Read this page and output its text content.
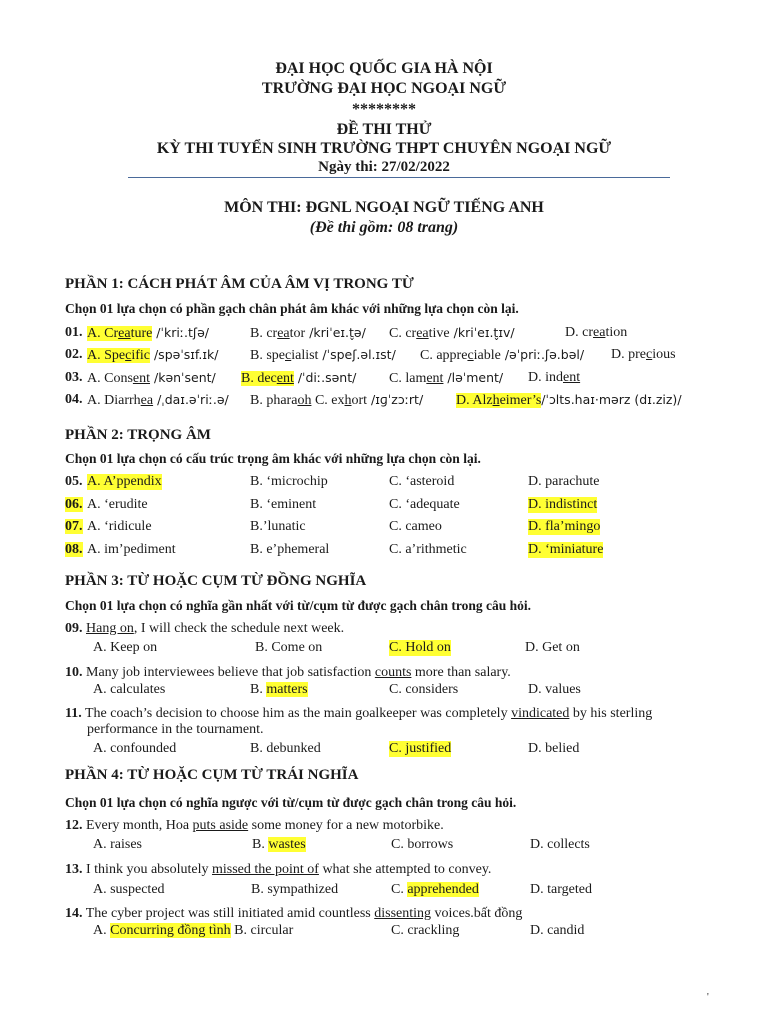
ĐẠI HỌC QUỐC GIA HÀ NỘI
TRƯỜNG ĐẠI HỌC NGOẠI NGỮ
********
ĐỀ THI THỬ
KỲ THI TUYỂN SINH TRƯỜNG THPT CHUYÊN NGOẠI NGỮ
Ngày thi: 27/02/2022
MÔN THI: ĐGNL NGOẠI NGỮ TIẾNG ANH
(Đề thi gồm: 08 trang)
PHẦN 1: CÁCH PHÁT ÂM CỦA ÂM VỊ TRONG TỪ
Chọn 01 lựa chọn có phần gạch chân phát âm khác với những lựa chọn còn lại.
01. A. Creature /ˈkriː.tʃə/	B. creator /kriˈeɪ.t̬ə/ C. creative /kriˈeɪ.t̬ɪv/	D. creation
02. A. Specific /spəˈsɪf.ɪk/ B. specialist /ˈspeʃ.əl.ɪst/ C. appreciable /əˈpriː.ʃə.bəl/ D. precious
03. A. Consent /kənˈsent/ B. decent /ˈdiː.sənt/ C. lament /ləˈment/ D. indent
04. A. Diarrhea /ˌdaɪ.əˈriː.ə/ B. pharaoh C. exhort /ɪɡˈzɔːrt/ D. Alzheimer’s/ˈɔlts.haɪ·mərz (dɪ.ziz)/
PHẦN 2: TRỌNG ÂM
Chọn 01 lựa chọn có cấu trúc trọng âm khác với những lựa chọn còn lại.
05. A. A’ppendix	B. ‘microchip	C. ‘asteroid	D. parachute
06. A. ‘erudite	B. ‘eminent	C. ‘adequate	D. indistinct
07. A. ‘ridicule	B.’lunatic	C. cameo	D. fla’mingo
08. A. im’pediment	B. e’phemeral	C. a’rithmetic	D. ‘miniature
PHẦN 3: TỪ HOẶC CỤM TỪ ĐỒNG NGHĨA
Chọn 01 lựa chọn có nghĩa gần nhất với từ/cụm từ được gạch chân trong câu hỏi.
09. Hang on, I will check the schedule next week.
A. Keep on	B. Come on	C. Hold on	D. Get on
10. Many job interviewees believe that job satisfaction counts more than salary.
A. calculates	B. matters	C. considers	D. values
11. The coach’s decision to choose him as the main goalkeeper was completely vindicated by his sterling
performance in the tournament.
A. confounded	B. debunked	C. justified	D. belied
PHẦN 4: TỪ HOẶC CỤM TỪ TRÁI NGHĨA
Chọn 01 lựa chọn có nghĩa ngược với từ/cụm từ được gạch chân trong câu hỏi.
12. Every month, Hoa puts aside some money for a new motorbike.
A. raises	B. wastes	C. borrows	D. collects
13. I think you absolutely missed the point of what she attempted to convey.
A. suspected	B. sympathized	C. apprehended	D. targeted
14. The cyber project was still initiated amid countless dissenting voices.bất đồng
A. Concurring đồng tình B. circular	C. crackling	D. candid
'
